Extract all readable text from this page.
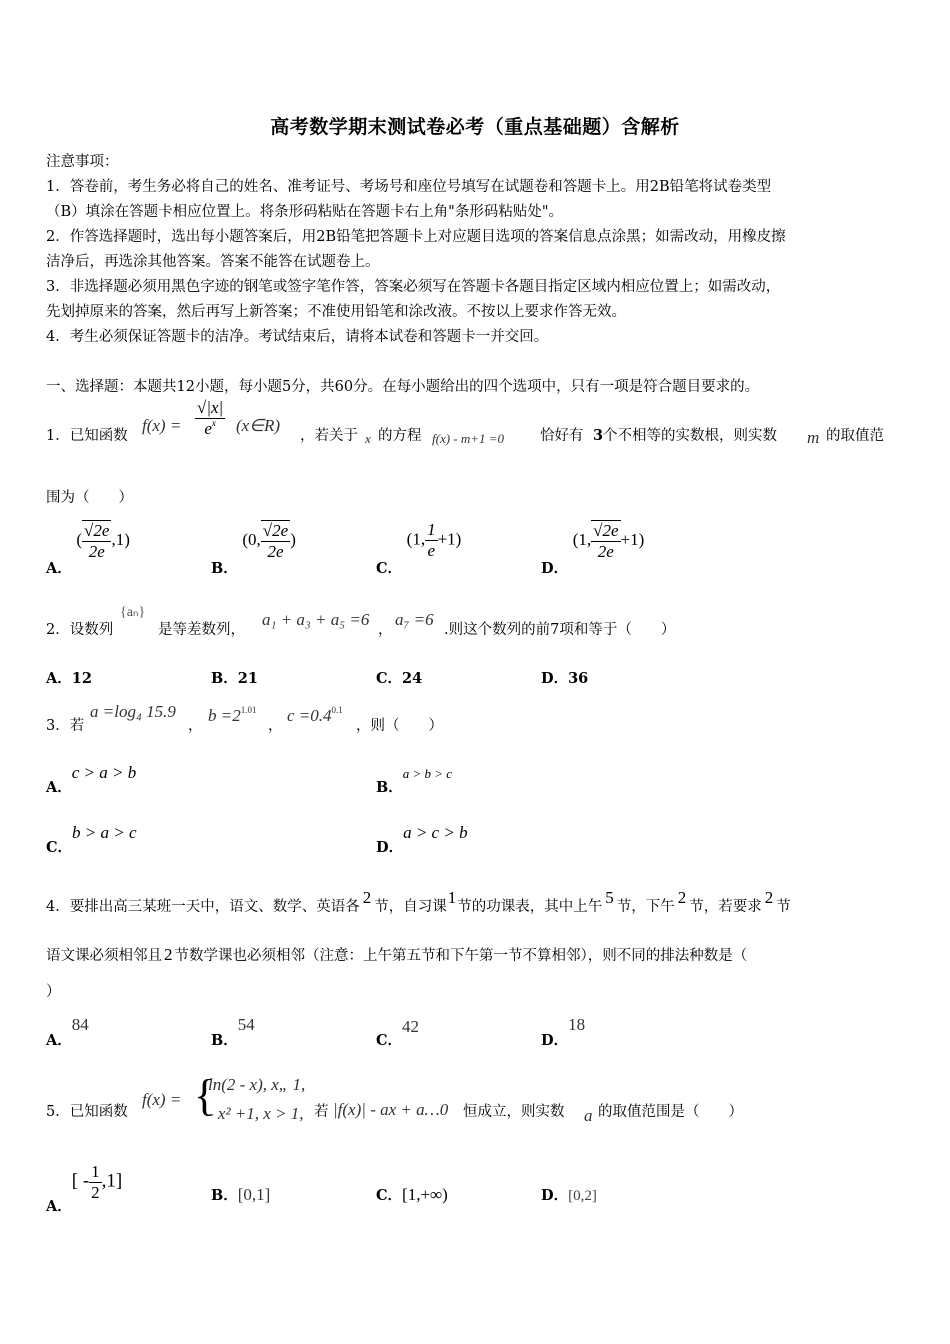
高考数学期末测试卷必考（重点基础题）含解析
注意事项：
1．答卷前，考生务必将自己的姓名、准考证号、考场号和座位号填写在试题卷和答题卡上。用2B铅笔将试卷类型
（B）填涂在答题卡相应位置上。将条形码粘贴在答题卡右上角"条形码粘贴处"。
2．作答选择题时，选出每小题答案后，用2B铅笔把答题卡上对应题目选项的答案信息点涂黑；如需改动，用橡皮擦
洁净后，再选涂其他答案。答案不能答在试题卷上。
3．非选择题必须用黑色字迹的钢笔或签字笔作答，答案必须写在答题卡各题目指定区域内相应位置上；如需改动，
先划掉原来的答案，然后再写上新答案；不准使用铅笔和涂改液。不按以上要求作答无效。
4．考生必须保证答题卡的洁净。考试结束后，请将本试卷和答题卡一并交回。
一、选择题：本题共12小题，每小题5分，共60分。在每小题给出的四个选项中，只有一项是符合题目要求的。
1．已知函数
$f(x) = \frac{√|x|}{e^x}$ (x∈R)
，若关于 x 的方程 f(x) - m+1 =0 恰好有 3 个不相等的实数根，则实数 m 的取值范
围为（　　）
A． ( $\frac{√2e}{2e} ,1$)
B． (0, $\frac{√2e}{2e}$ )
C． (1, $\frac{1}{e} +1$)
D． (1, $\frac{√2e}{2e} +1$)
2．设数列
{aₙ}
是等差数列，
a₁ + a₃ + a₅ =6
，
a₇ =6
.则这个数列的前7项和等于（　　）
A．12	B．21	C．24	D．36
3．若
a =log₄ 15.9
，
$b =2^{1.01}$
，
$c =0.4^{0.1}$
，则（　　）
A．c > a > b
B．a > b > c
C．b > a > c
D．a > c > b
4．要排出高三某班一天中，语文、数学、英语各 2 节，自习课1节的功课表，其中上午 5 节，下午 2 节，若要求 2 节
语文课必须相邻且 2 节数学课也必须相邻（注意：上午第五节和下午第一节不算相邻），则不同的排法种数是（
）
A．84
B．54
C．42
D．18
5．已知函数
f(x) = {
ln(2 - x), x„ 1,
- x² +1, x > 1, 若 |f(x)| - ax + a…0 恒成立，则实数 a 的取值范围是（　　）
A．[ - $\frac{1}{2} ,1$]
B．[0,1]	C．[1,+∞)	D．[0,2]
